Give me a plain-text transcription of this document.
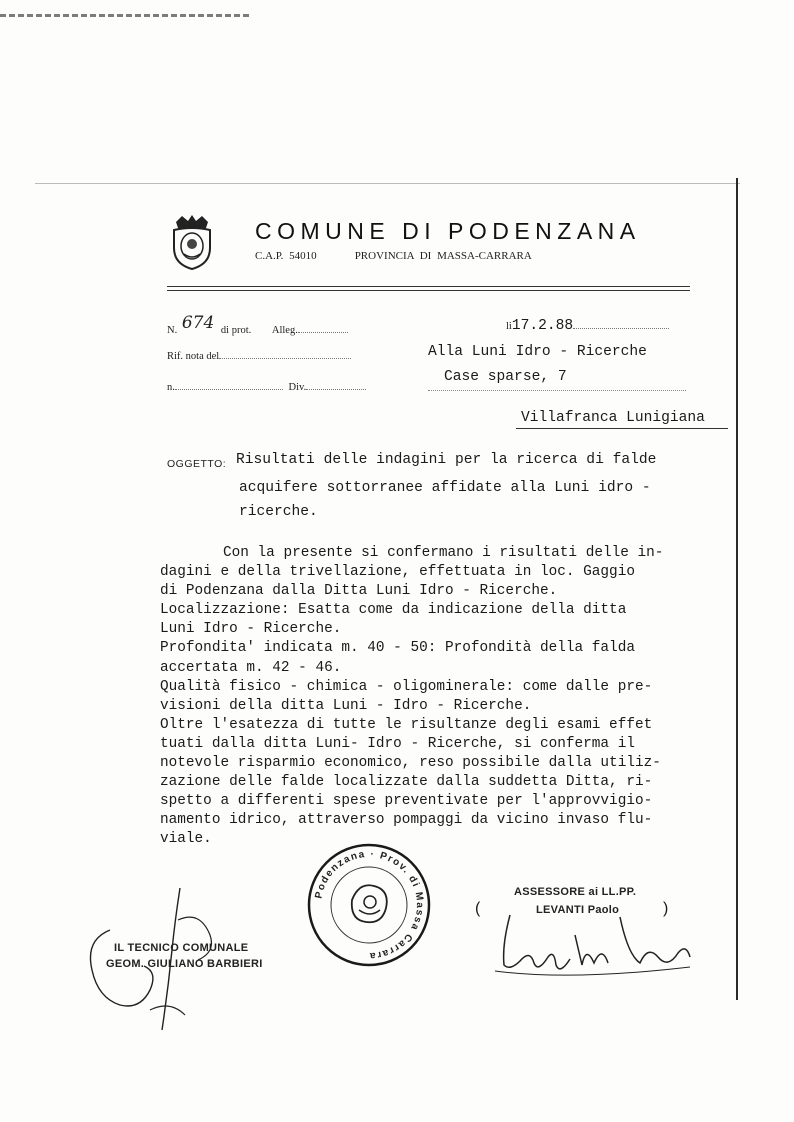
COMUNE DI PODENZANA
C.A.P. 54010	PROVINCIA DI MASSA-CARRARA
N. 674 di prot. Alleg.	li17.2.88
Rif. nota del
n.	Div.
Alla Luni Idro - Ricerche
Case sparse, 7
Villafranca Lunigiana
OGGETTO: Risultati delle indagini per la ricerca di falde
acquifere sottorranee affidate alla Luni idro -
ricerche.
Con la presente si confermano i risultati delle in-
dagini e della trivellazione, effettuata in loc. Gaggio
di Podenzana dalla Ditta Luni Idro - Ricerche.
Localizzazione: Esatta come da indicazione della ditta
Luni Idro - Ricerche.
Profondita' indicata m. 40 - 50: Profondità della falda
accertata m. 42 - 46.
Qualità fisico - chimica - oligominerale: come dalle pre-
visioni della ditta Luni - Idro - Ricerche.
Oltre l'esatezza di tutte le risultanze degli esami effet
tuati dalla ditta Luni- Idro - Ricerche, si conferma il
notevole risparmio economico, reso possibile dalla utiliz-
zazione delle falde localizzate dalla suddetta Ditta, ri-
spetto a differenti spese preventivate per l'approvvigio-
namento idrico, attraverso pompaggi da vicino invaso flu-
viale.
Podenzana · Prov. di Massa Carrara
IL TECNICO COMUNALE
GEOM. GIULIANO BARBIERI
ASSESSORE ai LL.PP.
(	LEVANTI Paolo	)
